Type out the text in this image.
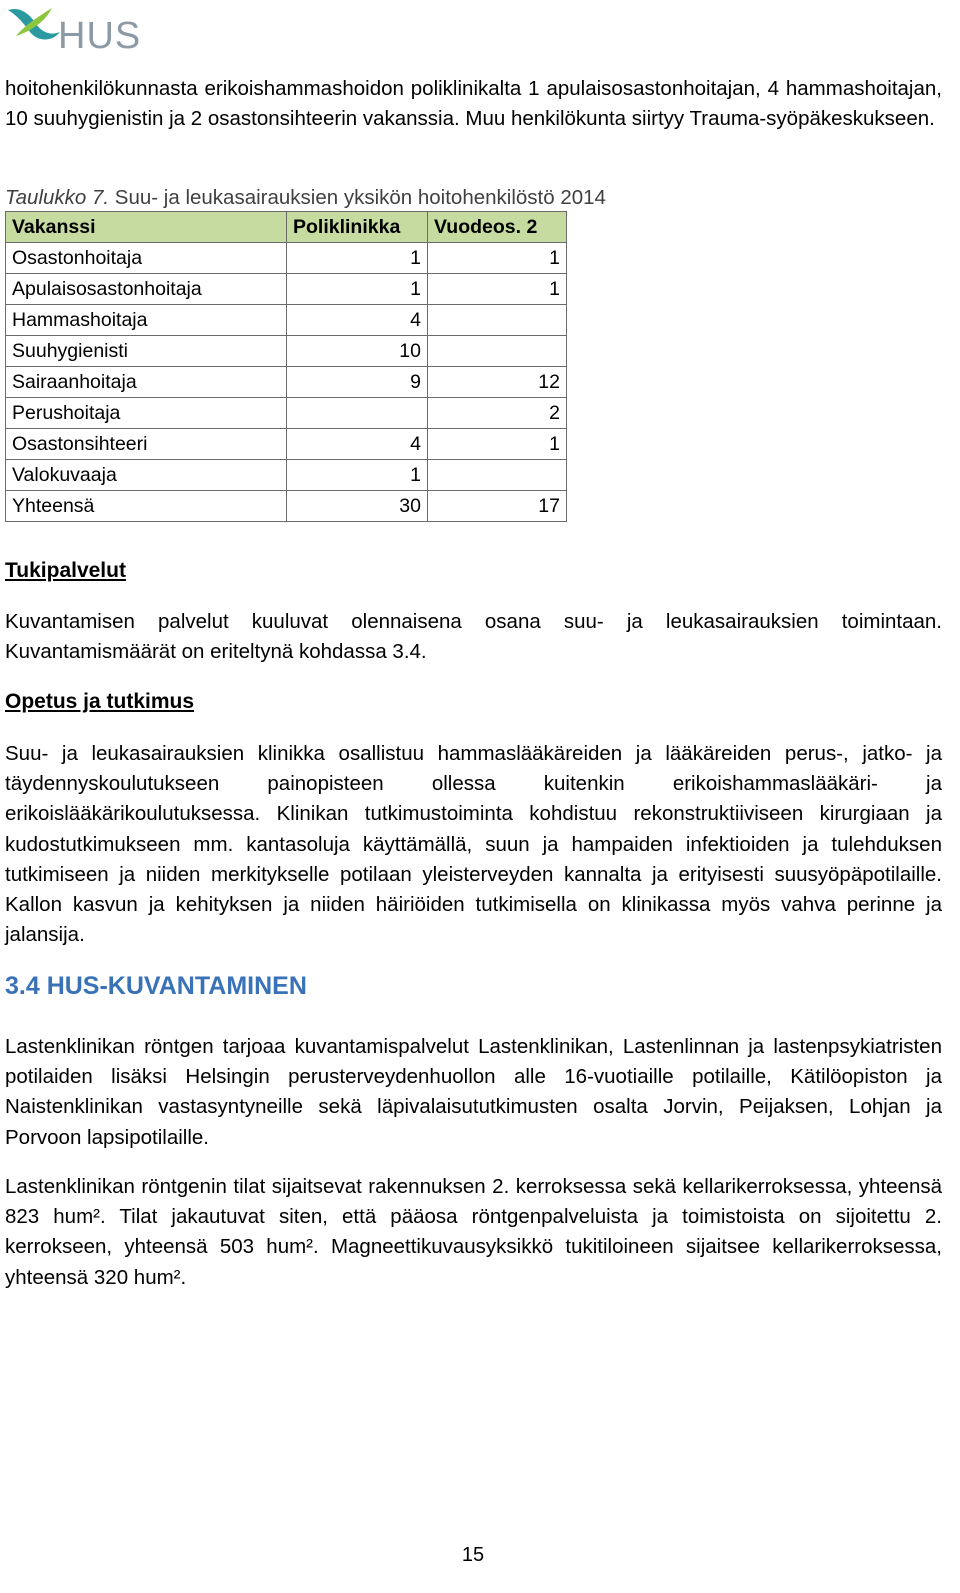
HUS
hoitohenkilökunnasta erikoishammashoidon poliklinikalta 1 apulaisosastonhoitajan, 4 hammashoitajan, 10 suuhygienistin ja 2 osastonsihteerin vakanssia. Muu henkilökunta siirtyy Trauma-syöpäkeskukseen.
Taulukko 7. Suu- ja leukasairauksien yksikön hoitohenkilöstö 2014
Vakanssi	Poliklinikka	Vuodeos. 2
Osastonhoitaja	1	1
Apulaisosastonhoitaja	1	1
Hammashoitaja	4	
Suuhygienisti	10	
Sairaanhoitaja	9	12
Perushoitaja		2
Osastonsihteeri	4	1
Valokuvaaja	1	
Yhteensä	30	17
Tukipalvelut
Kuvantamisen palvelut kuuluvat olennaisena osana suu- ja leukasairauksien toimintaan. Kuvantamismäärät on eriteltynä kohdassa 3.4.
Opetus ja tutkimus
Suu- ja leukasairauksien klinikka osallistuu hammaslääkäreiden ja lääkäreiden perus-, jatko- ja täydennyskoulutukseen painopisteen ollessa kuitenkin erikoishammaslääkäri- ja erikoislääkärikoulutuksessa. Klinikan tutkimustoiminta kohdistuu rekonstruktiiviseen kirurgiaan ja kudostutkimukseen mm. kantasoluja käyttämällä, suun ja hampaiden infektioiden ja tulehduksen tutkimiseen ja niiden merkitykselle potilaan yleisterveyden kannalta ja erityisesti suusyöpäpotilaille. Kallon kasvun ja kehityksen ja niiden häiriöiden tutkimisella on klinikassa myös vahva perinne ja jalansija.
3.4 HUS-KUVANTAMINEN
Lastenklinikan röntgen tarjoaa kuvantamispalvelut Lastenklinikan, Lastenlinnan ja lastenpsykiatristen potilaiden lisäksi Helsingin perusterveydenhuollon alle 16-vuotiaille potilaille, Kätilöopiston ja Naistenklinikan vastasyntyneille sekä läpivalaisututkimusten osalta Jorvin, Peijaksen, Lohjan ja Porvoon lapsipotilaille.
Lastenklinikan röntgenin tilat sijaitsevat rakennuksen 2. kerroksessa sekä kellarikerroksessa, yhteensä 823 hum². Tilat jakautuvat siten, että pääosa röntgenpalveluista ja toimistoista on sijoitettu 2. kerrokseen, yhteensä 503 hum². Magneettikuvausyksikkö tukitiloineen sijaitsee kellarikerroksessa, yhteensä 320 hum².
15
